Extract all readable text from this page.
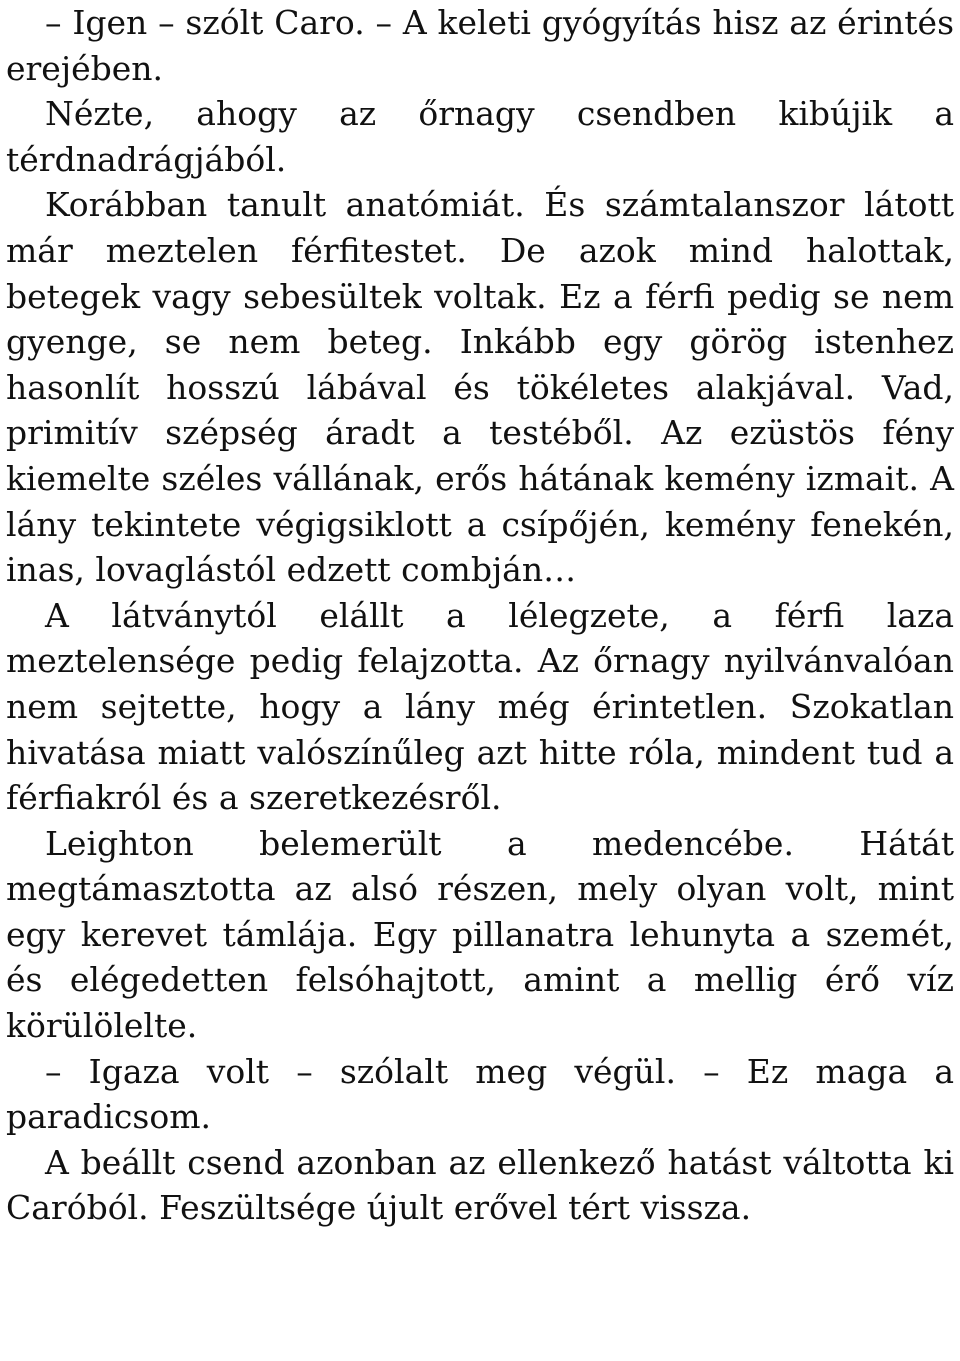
– Igen – szólt Caro. – A keleti gyógyítás hisz az érintés erejében.

Nézte, ahogy az őrnagy csendben kibújik a térdnadrágjából.

Korábban tanult anatómiát. És számtalanszor látott már meztelen férfitestet. De azok mind halottak, betegek vagy sebesültek voltak. Ez a férfi pedig se nem gyenge, se nem beteg. Inkább egy görög istenhez hasonlít hosszú lábával és tökéletes alakjával. Vad, primitív szépség áradt a testéből. Az ezüstös fény kiemelte széles vállának, erős hátának kemény izmait. A lány tekintete végigsiklott a csípőjén, kemény fenekén, inas, lovaglástól edzett combján…

A látványtól elállt a lélegzete, a férfi laza meztelensége pedig felajzotta. Az őrnagy nyilvánvalóan nem sejtette, hogy a lány még érintetlen. Szokatlan hivatása miatt valószínűleg azt hitte róla, mindent tud a férfiakról és a szeretkezésről.

Leighton belemerült a medencébe. Hátát megtámasztotta az alsó részen, mely olyan volt, mint egy kerevet támlája. Egy pillanatra lehunyta a szemét, és elégedetten felsóhajtott, amint a mellig érő víz körülölelte.

– Igaza volt – szólalt meg végül. – Ez maga a paradicsom.

A beállt csend azonban az ellenkező hatást váltotta ki Caróból. Feszültsége újult erővel tért vissza.
